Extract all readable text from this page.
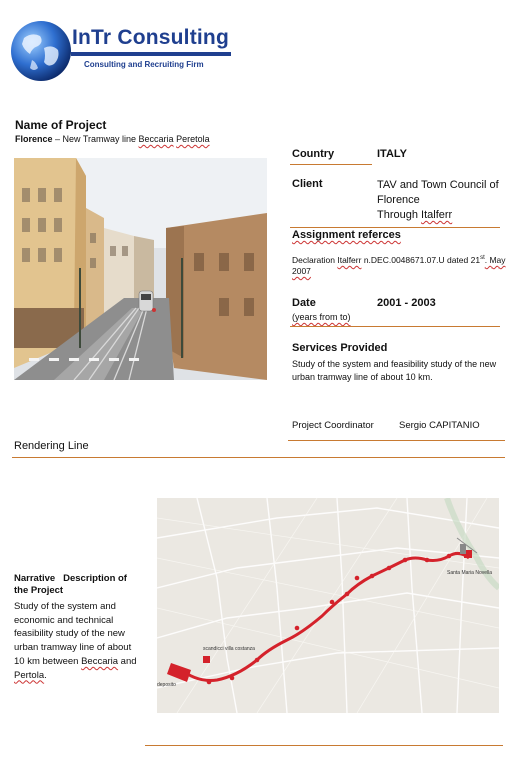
InTr Consulting
Consulting and Recruiting Firm
Name of Project
Florence – New Tramway line Beccaria Peretola
Country	ITALY
Client	TAV and Town Council of Florence
Through Italferr
Assignment referces
Declaration Italferr n.DEC.0048671.07.U dated 21st. May 2007
Date	2001 - 2003
(years from to)
Services Provided
Study of the system and feasibility study of the new urban tramway line of about 10 km.
Project Coordinator	Sergio CAPITANIO
Rendering Line
Narrative   Description of the Project
Study of the system and economic and technical feasibility study of the new urban tramway line of about 10 km between Beccaria and Pertola.
deposito
scandicci villa costanza
Santa Maria Novella
